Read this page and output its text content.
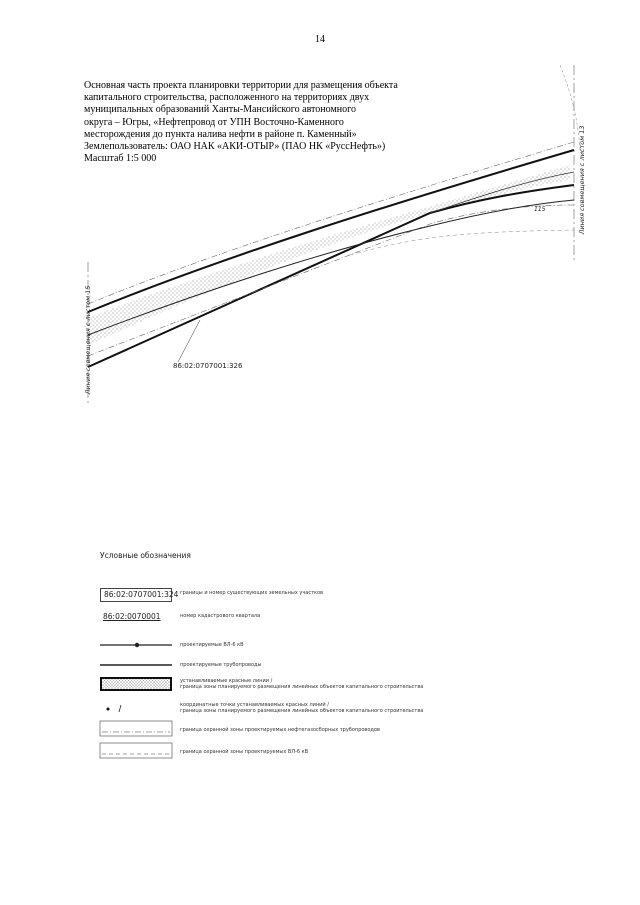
14
Основная часть проекта планировки территории для размещения объекта
капитального строительства, расположенного на территориях двух
муниципальных образований Ханты-Мансийского автономного
округа – Югры, «Нефтепровод от УПН Восточно-Каменного
месторождения до пункта налива нефти в районе п. Каменный»
Землепользователь: ОАО НАК «АКИ-ОТЫР» (ПАО НК «РуссНефть»)
Масштаб 1:5 000
Линия совмещения с листом 15
Линия совмещения с листом 13
86:02:0707001:326
115
Условные обозначения
86:02:0707001:324 границы и номер существующих земельных участков
86:02:0070001	номер кадастрового квартала
проектируемые ВЛ-6 кВ
проектируемые трубопроводы
устанавливаемые красные линии /
граница зоны планируемого размещения линейных объектов капитального строительства
координатные точки устанавливаемых красных линий /
граница зоны планируемого размещения линейных объектов капитального строительства
граница охранной зоны проектируемых нефтегазосборных трубопроводов
граница охранной зоны проектируемых ВЛ-6 кВ
